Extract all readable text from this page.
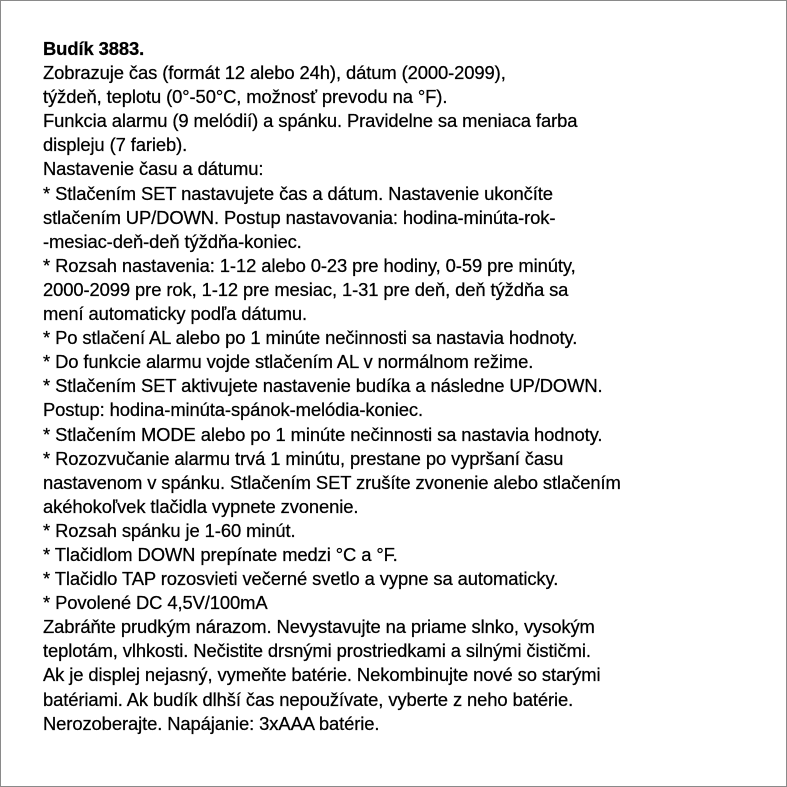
Budík 3883.
Zobrazuje čas (formát 12 alebo 24h), dátum (2000-2099),
týždeň, teplotu (0°-50°C, možnosť prevodu na °F).
Funkcia alarmu (9 melódií) a spánku. Pravidelne sa meniaca farba
displeju (7 farieb).
Nastavenie času a dátumu:
* Stlačením SET nastavujete čas a dátum. Nastavenie ukončíte
stlačením UP/DOWN. Postup nastavovania: hodina-minúta-rok-
-mesiac-deň-deň týždňa-koniec.
* Rozsah nastavenia: 1-12 alebo 0-23 pre hodiny, 0-59 pre minúty,
2000-2099 pre rok, 1-12 pre mesiac, 1-31 pre deň, deň týždňa sa
mení automaticky podľa dátumu.
* Po stlačení AL alebo po 1 minúte nečinnosti sa nastavia hodnoty.
* Do funkcie alarmu vojde stlačením AL v normálnom režime.
* Stlačením SET aktivujete nastavenie budíka a následne UP/DOWN.
Postup: hodina-minúta-spánok-melódia-koniec.
* Stlačením MODE alebo po 1 minúte nečinnosti sa nastavia hodnoty.
* Rozozvučanie alarmu trvá 1 minútu, prestane po vypršaní času
nastavenom v spánku. Stlačením SET zrušíte zvonenie alebo stlačením
akéhokoľvek tlačidla vypnete zvonenie.
* Rozsah spánku je 1-60 minút.
* Tlačidlom DOWN prepínate medzi °C a °F.
* Tlačidlo TAP rozosvieti večerné svetlo a vypne sa automaticky.
* Povolené DC 4,5V/100mA
Zabráňte prudkým nárazom. Nevystavujte na priame slnko, vysokým
teplotám, vlhkosti. Nečistite drsnými prostriedkami a silnými čističmi.
Ak je displej nejasný, vymeňte batérie. Nekombinujte nové so starými
batériami. Ak budík dlhší čas nepoužívate, vyberte z neho batérie.
Nerozoberajte. Napájanie: 3xAAA batérie.
